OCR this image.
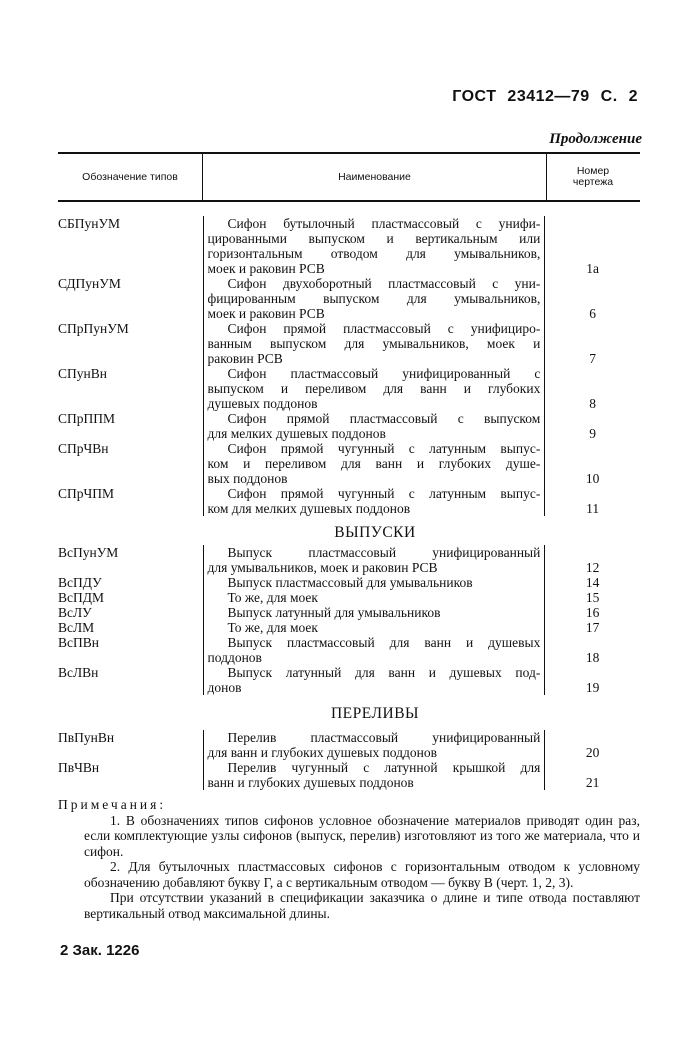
ГОСТ 23412—79 С. 2
Продолжение
Обозначение типов	Наименование	Номер чертежа
СБПунУМ	Сифон бутылочный пластмассовый с унифи-
цированными выпуском и вертикальным или
горизонтальным отводом для умывальников,
моек и раковин РСВ	1а
СДПунУМ	Сифон двухоборотный пластмассовый с уни-
фицированным выпуском для умывальников,
моек и раковин РСВ	6
СПрПунУМ	Сифон прямой пластмассовый с унифициро-
ванным выпуском для умывальников, моек и
раковин РСВ	7
СПунВн	Сифон пластмассовый унифицированный с
выпуском и переливом для ванн и глубоких
душевых поддонов	8
СПрППМ	Сифон прямой пластмассовый с выпуском
для мелких душевых поддонов	9
СПрЧВн	Сифон прямой чугунный с латунным выпус-
ком и переливом для ванн и глубоких душе-
вых поддонов	10
СПрЧПМ	Сифон прямой чугунный с латунным выпус-
ком для мелких душевых поддонов	11
ВЫПУСКИ
ВсПунУМ	Выпуск пластмассовый унифицированный
для умывальников, моек и раковин РСВ	12
ВсПДУ	Выпуск пластмассовый для умывальников	14
ВсПДМ	То же, для моек	15
ВсЛУ	Выпуск латунный для умывальников	16
ВсЛМ	То же, для моек	17
ВсПВн	Выпуск пластмассовый для ванн и душевых
поддонов	18
ВсЛВн	Выпуск латунный для ванн и душевых под-
донов	19
ПЕРЕЛИВЫ
ПвПунВн	Перелив пластмассовый унифицированный
для ванн и глубоких душевых поддонов	20
ПвЧВн	Перелив чугунный с латунной крышкой для
ванн и глубоких душевых поддонов	21

Примечания:

1. В обозначениях типов сифонов условное обозначение материалов приводят один раз, если комплектующие узлы сифонов (выпуск, перелив) изготовляют из того же материала, что и сифон.

2. Для бутылочных пластмассовых сифонов с горизонтальным отводом к условному обозначению добавляют букву Г, а с вертикальным отводом — букву В (черт. 1, 2, 3).

При отсутствии указаний в спецификации заказчика о длине и типе отвода поставляют вертикальный отвод максимальной длины.

2 Зак. 1226
